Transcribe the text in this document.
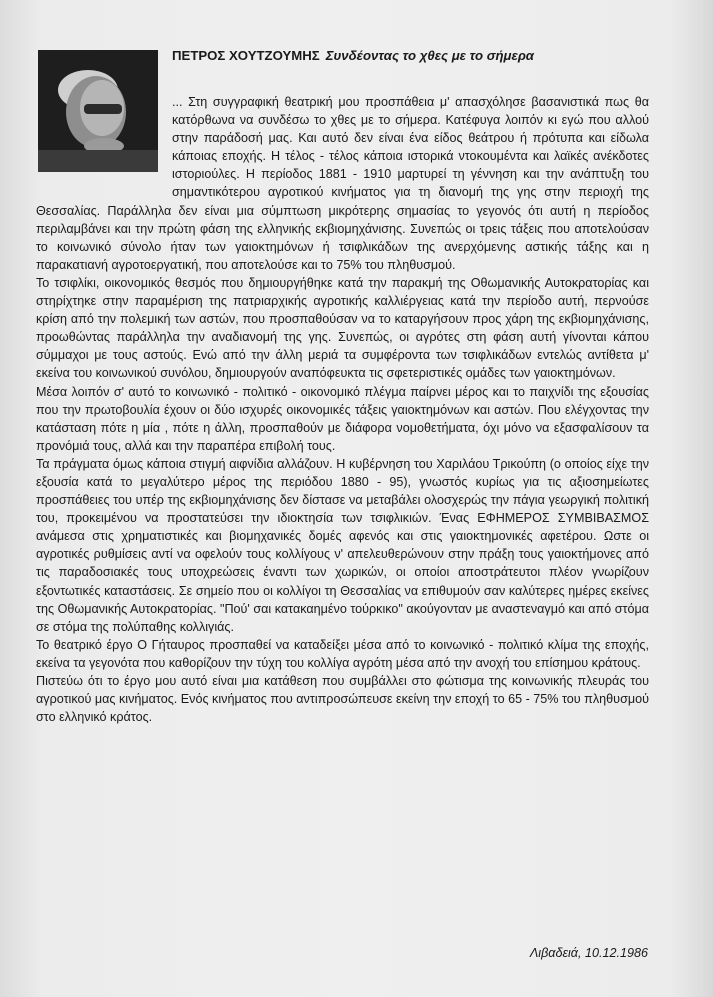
ΠΕΤΡΟΣ ΧΟΥΤΖΟΥΜΗΣ Συνδέοντας το χθες με το σήμερα

... Στη συγγραφική θεατρική μου προσπάθεια μ' απασχόλησε βασανιστικά πως θα κατόρθωνα να συνδέσω το χθες με το σήμερα. Κατέφυγα λοιπόν κι εγώ που αλλού στην παράδοσή μας. Και αυτό δεν είναι ένα είδος θεάτρου ή πρότυπα και είδωλα κάποιας εποχής. Η τέλος - τέλος κάποια ιστορικά ντοκουμέντα και λαϊκές ανέκδοτες ιστοριούλες. Η περίοδος 1881 - 1910 μαρτυρεί τη γέννηση και την ανάπτυξη του σημαντικότερου αγροτικού κινήματος για τη διανομή της γης στην περιοχή της Θεσσαλίας. Παράλληλα δεν είναι μια σύμπτωση μικρότερης σημασίας το γεγονός ότι αυτή η περίοδος περιλαμβάνει και την πρώτη φάση της ελληνικής εκβιομηχάνισης. Συνεπώς οι τρεις τάξεις που αποτελούσαν το κοινωνικό σύνολο ήταν των γαιοκτημόνων ή τσιφλικάδων της ανερχόμενης αστικής τάξης και η παρακατιανή αγροτοεργατική, που αποτελούσε και το 75% του πληθυσμού.

Το τσιφλίκι, οικονομικός θεσμός που δημιουργήθηκε κατά την παρακμή της Οθωμανικής Αυτοκρατορίας και στηρίχτηκε στην παραμέριση της πατριαρχικής αγροτικής καλλιέργειας κατά την περίοδο αυτή, περνούσε κρίση από την πολεμική των αστών, που προσπαθούσαν να το καταργήσουν προς χάρη της εκβιομηχάνισης, προωθώντας παράλληλα την αναδιανομή της γης. Συνεπώς, οι αγρότες στη φάση αυτή γίνονται κάπου σύμμαχοι με τους αστούς. Ενώ από την άλλη μεριά τα συμφέροντα των τσιφλικάδων εντελώς αντίθετα μ' εκείνα του κοινωνικού συνόλου, δημιουργούν αναπόφευκτα τις σφετεριστικές ομάδες των γαιοκτημόνων.

Μέσα λοιπόν σ' αυτό το κοινωνικό - πολιτικό - οικονομικό πλέγμα παίρνει μέρος και το παιχνίδι της εξουσίας που την πρωτοβουλία έχουν οι δύο ισχυρές οικονομικές τάξεις γαιοκτημόνων και αστών. Που ελέγχοντας την κατάσταση πότε η μία , πότε η άλλη, προσπαθούν με διάφορα νομοθετήματα, όχι μόνο να εξασφαλίσουν τα προνόμιά τους, αλλά και την παραπέρα επιβολή τους.

Τα πράγματα όμως κάποια στιγμή αιφνίδια αλλάζουν. Η κυβέρνηση του Χαριλάου Τρικούπη (ο οποίος είχε την εξουσία κατά το μεγαλύτερο μέρος της περιόδου 1880 - 95), γνωστός κυρίως για τις αξιοσημείωτες προσπάθειες του υπέρ της εκβιομηχάνισης δεν δίστασε να μεταβάλει ολοσχερώς την πάγια γεωργική πολιτική του, προκειμένου να προστατεύσει την ιδιοκτησία των τσιφλικιών. Ένας ΕΦΗΜΕΡΟΣ ΣΥΜΒΙΒΑΣΜΟΣ ανάμεσα στις χρηματιστικές και βιομηχανικές δομές αφενός και στις γαιοκτημονικές αφετέρου. Ωστε οι αγροτικές ρυθμίσεις αντί να οφελούν τους κολλίγους ν' απελευθερώνουν στην πράξη τους γαιοκτήμονες από τις παραδοσιακές τους υποχρεώσεις έναντι των χωρικών, οι οποίοι αποστράτευτοι πλέον γνωρίζουν εξοντωτικές καταστάσεις. Σε σημείο που οι κολλίγοι τη Θεσσαλίας να επιθυμούν σαν καλύτερες ημέρες εκείνες της Οθωμανικής Αυτοκρατορίας. "Πού' σαι κατακαημένο τούρκικο" ακούγονταν με αναστεναγμό και από στόμα σε στόμα της πολύπαθης κολλιγιάς.

Το θεατρικό έργο Ο Γήταυρος προσπαθεί να καταδείξει μέσα από το κοινωνικό - πολιτικό κλίμα της εποχής, εκείνα τα γεγονότα που καθορίζουν την τύχη του κολλίγα αγρότη μέσα από την ανοχή του επίσημου κράτους.

Πιστεύω ότι το έργο μου αυτό είναι μια κατάθεση που συμβάλλει στο φώτισμα της κοινωνικής πλευράς του αγροτικού μας κινήματος. Ενός κινήματος που αντιπροσώπευσε εκείνη την εποχή το 65 - 75% του πληθυσμού στο ελληνικό κράτος.

Λιβαδειά, 10.12.1986
